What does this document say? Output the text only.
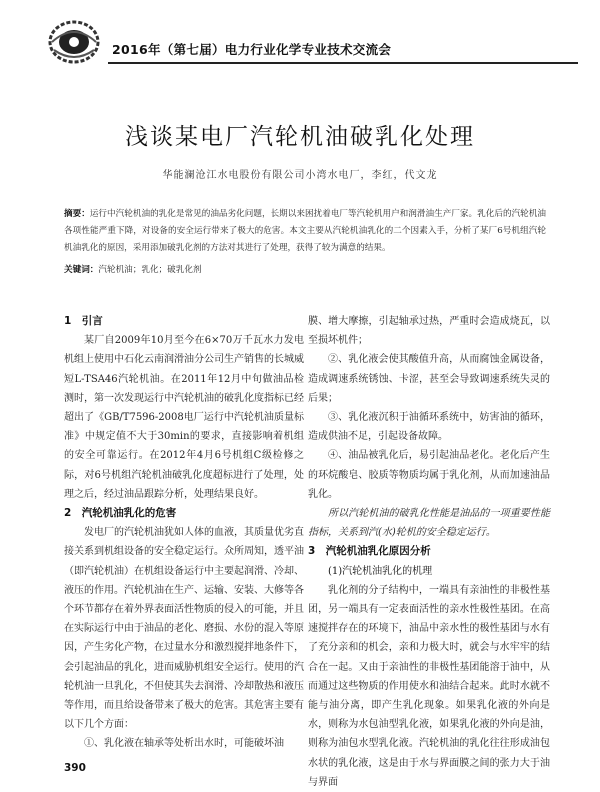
2016年（第七届）电力行业化学专业技术交流会
浅谈某电厂汽轮机油破乳化处理
华能澜沧江水电股份有限公司小湾水电厂，李红，代文龙
摘要：运行中汽轮机油的乳化是常见的油品劣化问题，长期以来困扰着电厂等汽轮机用户和润滑油生产厂家。乳化后的汽轮机油各项性能严重下降，对设备的安全运行带来了极大的危害。本文主要从汽轮机油乳化的二个因素入手，分析了某厂6号机组汽轮机油乳化的原因，采用添加破乳化剂的方法对其进行了处理，获得了较为满意的结果。
关键词：汽轮机油；乳化；破乳化剂
1　引言

某厂自2009年10月至今在6×70万千瓦水力发电机组上使用中石化云南润滑油分公司生产销售的长城威短L-TSA46汽轮机油。在2011年12月中旬做油品检测时，第一次发现运行中汽轮机油的破乳化度指标已经超出了《GB/T7596-2008电厂运行中汽轮机油质量标准》中规定值不大于30min的要求，直接影响着机组的安全可靠运行。在2012年4月6号机组C级检修之际，对6号机组汽轮机油破乳化度超标进行了处理，处理之后，经过油品跟踪分析，处理结果良好。

2　汽轮机油乳化的危害

发电厂的汽轮机油犹如人体的血液，其质量优劣直接关系到机组设备的安全稳定运行。众所周知，透平油（即汽轮机油）在机组设备运行中主要起润滑、冷却、液压的作用。汽轮机油在生产、运输、安装、大修等各个环节都存在着外界表面活性物质的侵入的可能，并且在实际运行中由于油品的老化、磨损、水份的混入等原因，产生劣化产物，在过量水分和激烈搅拌地条件下，会引起油品的乳化，进而威胁机组安全运行。使用的汽轮机油一旦乳化，不但使其失去润滑、冷却散热和液压等作用，而且给设备带来了极大的危害。其危害主要有以下几个方面：

①、乳化液在轴承等处析出水时，可能破坏油

膜、增大摩擦，引起轴承过热，严重时会造成烧瓦，以至损坏机件；

②、乳化液会使其酸值升高，从而腐蚀金属设备，造成调速系统锈蚀、卡涩，甚至会导致调速系统失灵的后果；

③、乳化液沉积于油循环系统中，妨害油的循环，造成供油不足，引起设备故障。

④、油品被乳化后，易引起油品老化。老化后产生的环烷酸皂、胶质等物质均属于乳化剂，从而加速油品乳化。

所以汽轮机油的破乳化性能是油品的一项重要性能指标，关系到汽(水)轮机的安全稳定运行。

3　汽轮机油乳化原因分析
(1)汽轮机油乳化的机理

乳化剂的分子结构中，一端具有亲油性的非极性基团，另一端具有一定表面活性的亲水性极性基团。在高速搅拌存在的环境下，油品中亲水性的极性基团与水有了充分亲和的机会，亲和力极大时，就会与水牢牢的结合在一起。又由于亲油性的非极性基团能溶于油中，从而通过这些物质的作用使水和油结合起来。此时水就不能与油分离，即产生乳化现象。如果乳化液的外向是水，则称为水包油型乳化液，如果乳化液的外向是油，则称为油包水型乳化液。汽轮机油的乳化往往形成油包水状的乳化液，这是由于水与界面膜之间的张力大于油与界面

390
